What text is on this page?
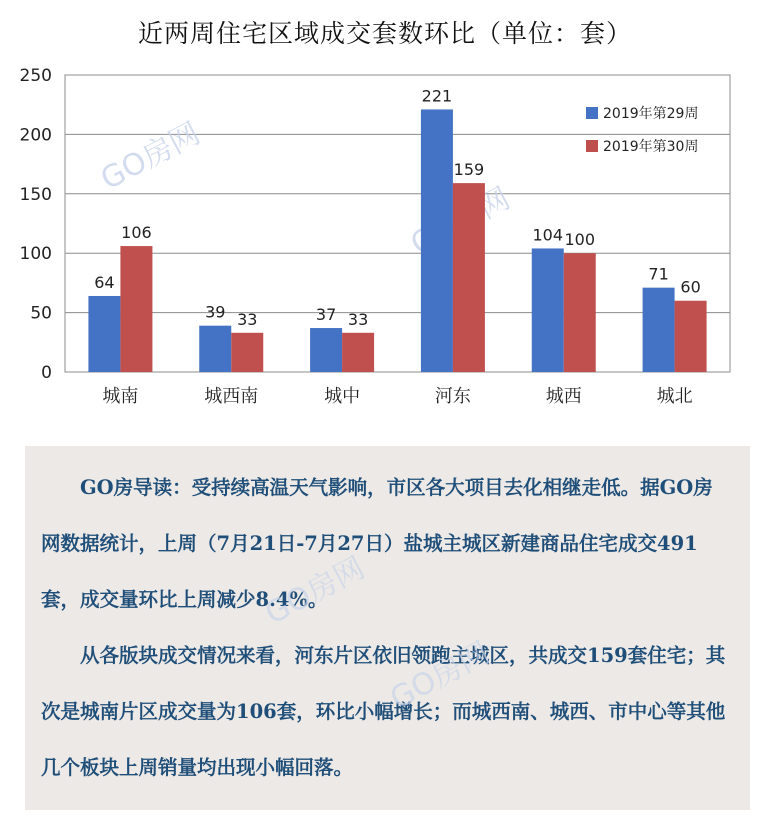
近两周住宅区域成交套数环比（单位：套）
GO房网
64
106
39 33	37 33
221
159
104 100
71
60
0
50
100
150
200
250
城南	城西南	城中	河东	城西	城北
2019年第29周
2019年第30周

GO房导读：受持续高温天气影响，市区各大项目去化相继走低。据GO房网数据统计，上周（7月21日-7月27日）盐城主城区新建商品住宅成交491套，成交量环比上周减少8.4%。

从各版块成交情况来看，河东片区依旧领跑主城区，共成交159套住宅；其次是城南片区成交量为106套，环比小幅增长；而城西南、城西、市中心等其他几个板块上周销量均出现小幅回落。

GO房网
GO房网
